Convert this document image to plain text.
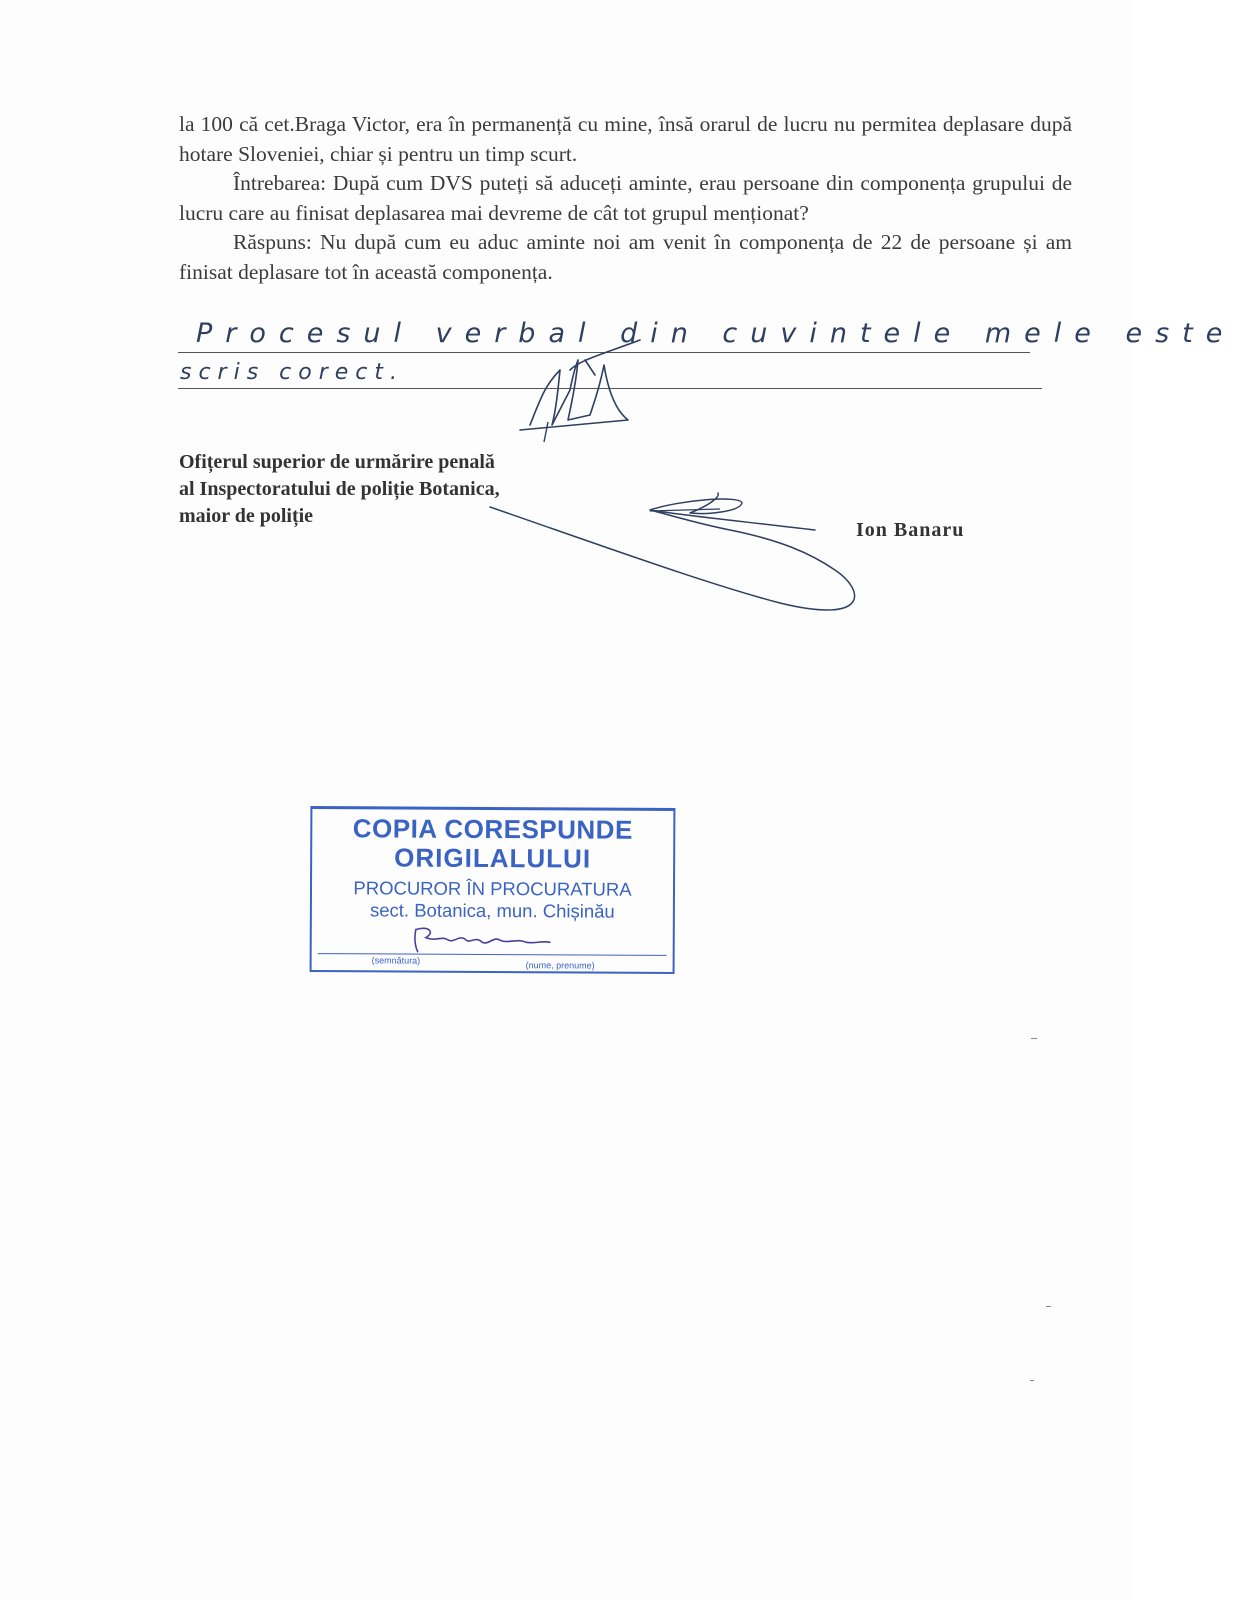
la 100 că cet.Braga Victor, era în permanență cu mine, însă orarul de lucru nu permitea deplasare după hotare Sloveniei, chiar și pentru un timp scurt.

Întrebarea: După cum DVS puteți să aduceți aminte, erau persoane din componența grupului de lucru care au finisat deplasarea mai devreme de cât tot grupul menționat?

Răspuns: Nu după cum eu aduc aminte noi am venit în componența de 22 de persoane și am finisat deplasare tot în această componența.

Procesul verbal din cuvintele mele este
scris corect.
Ofițerul superior de urmărire penală
al Inspectoratului de poliție Botanica,
maior de poliție
Ion Banaru
COPIA CORESPUNDE
ORIGILALULUI
PROCUROR ÎN PROCURATURA
sect. Botanica, mun. Chișinău
(semnătura)	(nume, prenume)
